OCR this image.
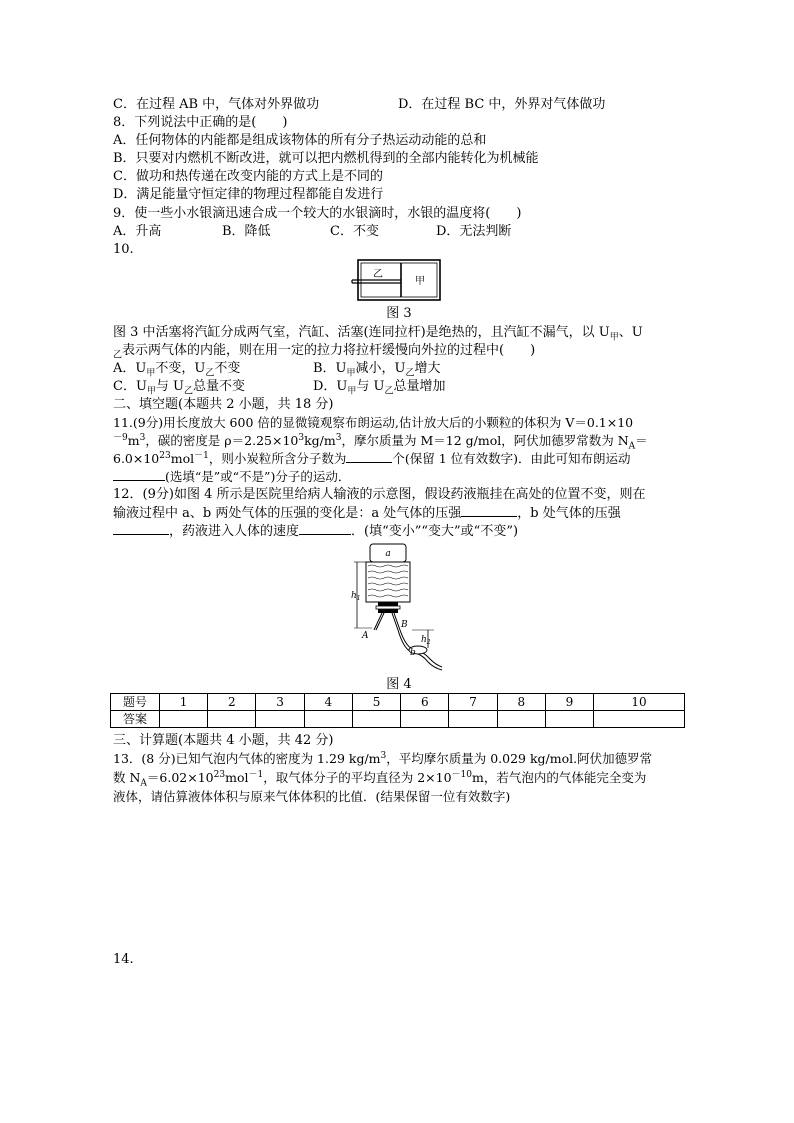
C．在过程 AB 中，气体对外界做功	D．在过程 BC 中，外界对气体做功
8．下列说法中正确的是(　　)
A．任何物体的内能都是组成该物体的所有分子热运动动能的总和
B．只要对内燃机不断改进，就可以把内燃机得到的全部内能转化为机械能
C．做功和热传递在改变内能的方式上是不同的
D．满足能量守恒定律的物理过程都能自发进行
9．使一些小水银滴迅速合成一个较大的水银滴时，水银的温度将(　　)
A．升高	B．降低	C．不变	D．无法判断
10.
乙
甲
图 3
图 3 中活塞将汽缸分成两气室，汽缸、活塞(连同拉杆)是绝热的，且汽缸不漏气，以 $U_甲$、U
$_乙$表示两气体的内能，则在用一定的拉力将拉杆缓慢向外拉的过程中(　　)
A．$U_甲$不变，$U_乙$不变	B．$U_甲$减小，$U_乙$增大
C．$U_甲$与 $U_乙$总量不变	D．$U_甲$与 $U_乙$总量增加
二、填空题(本题共 2 小题，共 18 分)
11.(9分)用长度放大 600 倍的显微镜观察布朗运动,估计放大后的小颗粒的体积为 V＝0.1×10
$^{-9}m^3$，碳的密度是 $\rho=2.25\times 10^3kg/m^3$，摩尔质量为 M＝12 g/mol，阿伏加德罗常数为 $N_A=$
$6.0\times 10^{23}mol^{-1}$，则小炭粒所含分子数为	个(保留 1 位有效数字)．由此可知布朗运动
(选填“是”或“不是”)分子的运动．
12．(9分)如图 4 所示是医院里给病人输液的示意图，假设药液瓶挂在高处的位置不变，则在
输液过程中 a、b 两处气体的压强的变化是：a 处气体的压强	，b 处气体的压强
，药液进入人体的速度	．(填“变小”“变大”或“不变”)
a
b
A
B
$h_1$
$h_2$
图 4
题号	1	2	3	4	5	6	7	8	9	10
答案										
三、计算题(本题共 4 小题，共 42 分)
13．(8 分)已知气泡内气体的密度为 1.29 $kg/m^3$，平均摩尔质量为 0.029 kg/mol.阿伏加德罗常
数 $N_A=6.02\times 10^{23}mol^{-1}$，取气体分子的平均直径为 $2\times 10^{-10}m$，若气泡内的气体能完全变为
液体，请估算液体体积与原来气体体积的比值．(结果保留一位有效数字)
14.
